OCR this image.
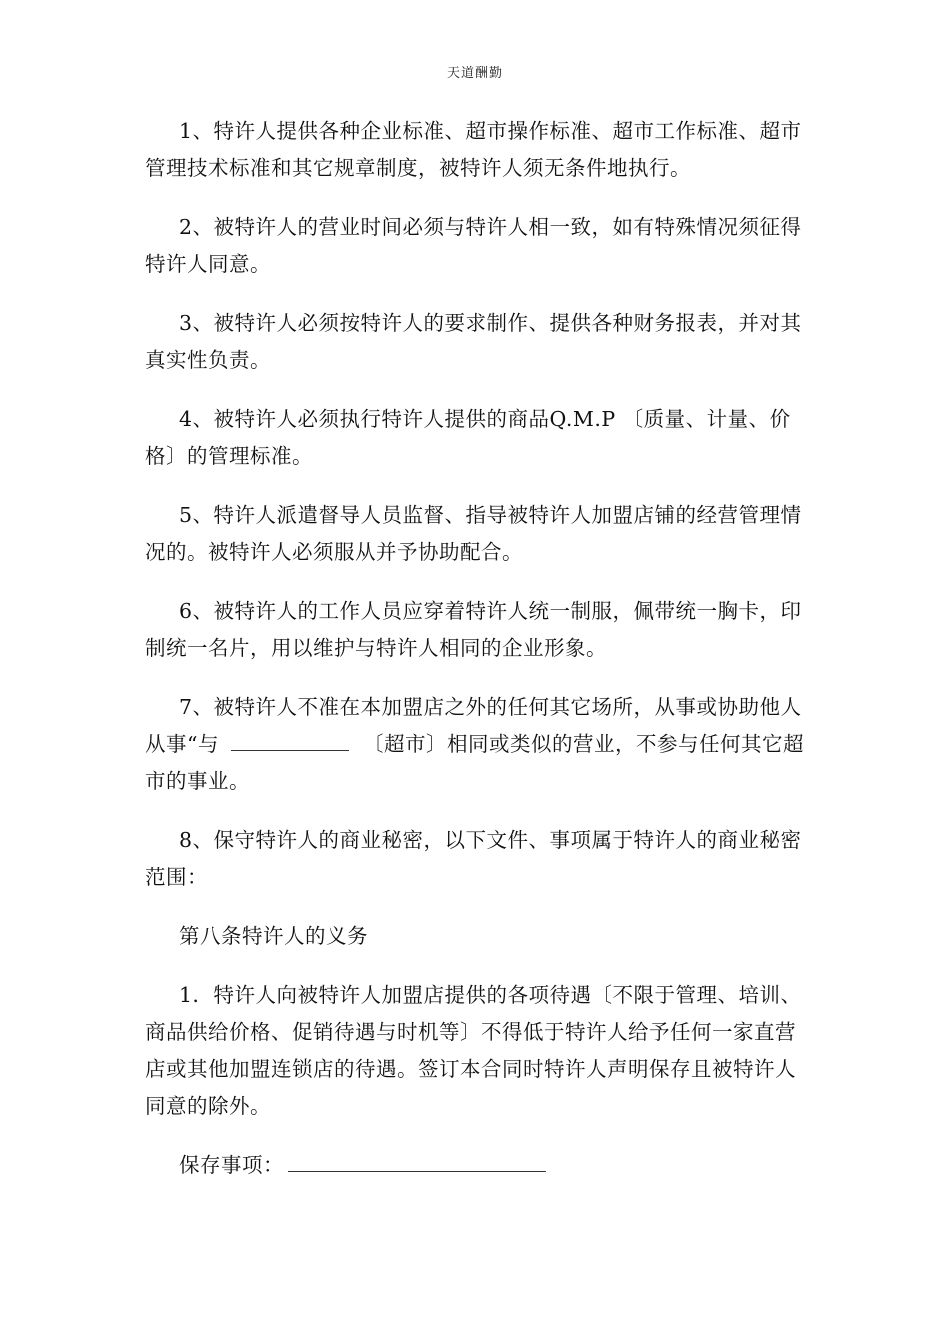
天道酬勤

1、特许人提供各种企业标准、超市操作标准、超市工作标准、超市管理技术标准和其它规章制度，被特许人须无条件地执行。

2、被特许人的营业时间必须与特许人相一致，如有特殊情况须征得特许人同意。

3、被特许人必须按特许人的要求制作、提供各种财务报表，并对其真实性负责。

4、被特许人必须执行特许人提供的商品Q.M.P 〔质量、计量、价格〕的管理标准。

5、特许人派遣督导人员监督、指导被特许人加盟店铺的经营管理情况的。被特许人必须服从并予协助配合。

6、被特许人的工作人员应穿着特许人统一制服，佩带统一胸卡，印制统一名片，用以维护与特许人相同的企业形象。

7、被特许人不准在本加盟店之外的任何其它场所，从事或协助他人从事“与	〔超市〕相同或类似的营业，不参与任何其它超市的事业。

8、保守特许人的商业秘密，以下文件、事项属于特许人的商业秘密范围：

第八条特许人的义务

1．特许人向被特许人加盟店提供的各项待遇〔不限于管理、培训、商品供给价格、促销待遇与时机等〕不得低于特许人给予任何一家直营店或其他加盟连锁店的待遇。签订本合同时特许人声明保存且被特许人同意的除外。

保存事项：
